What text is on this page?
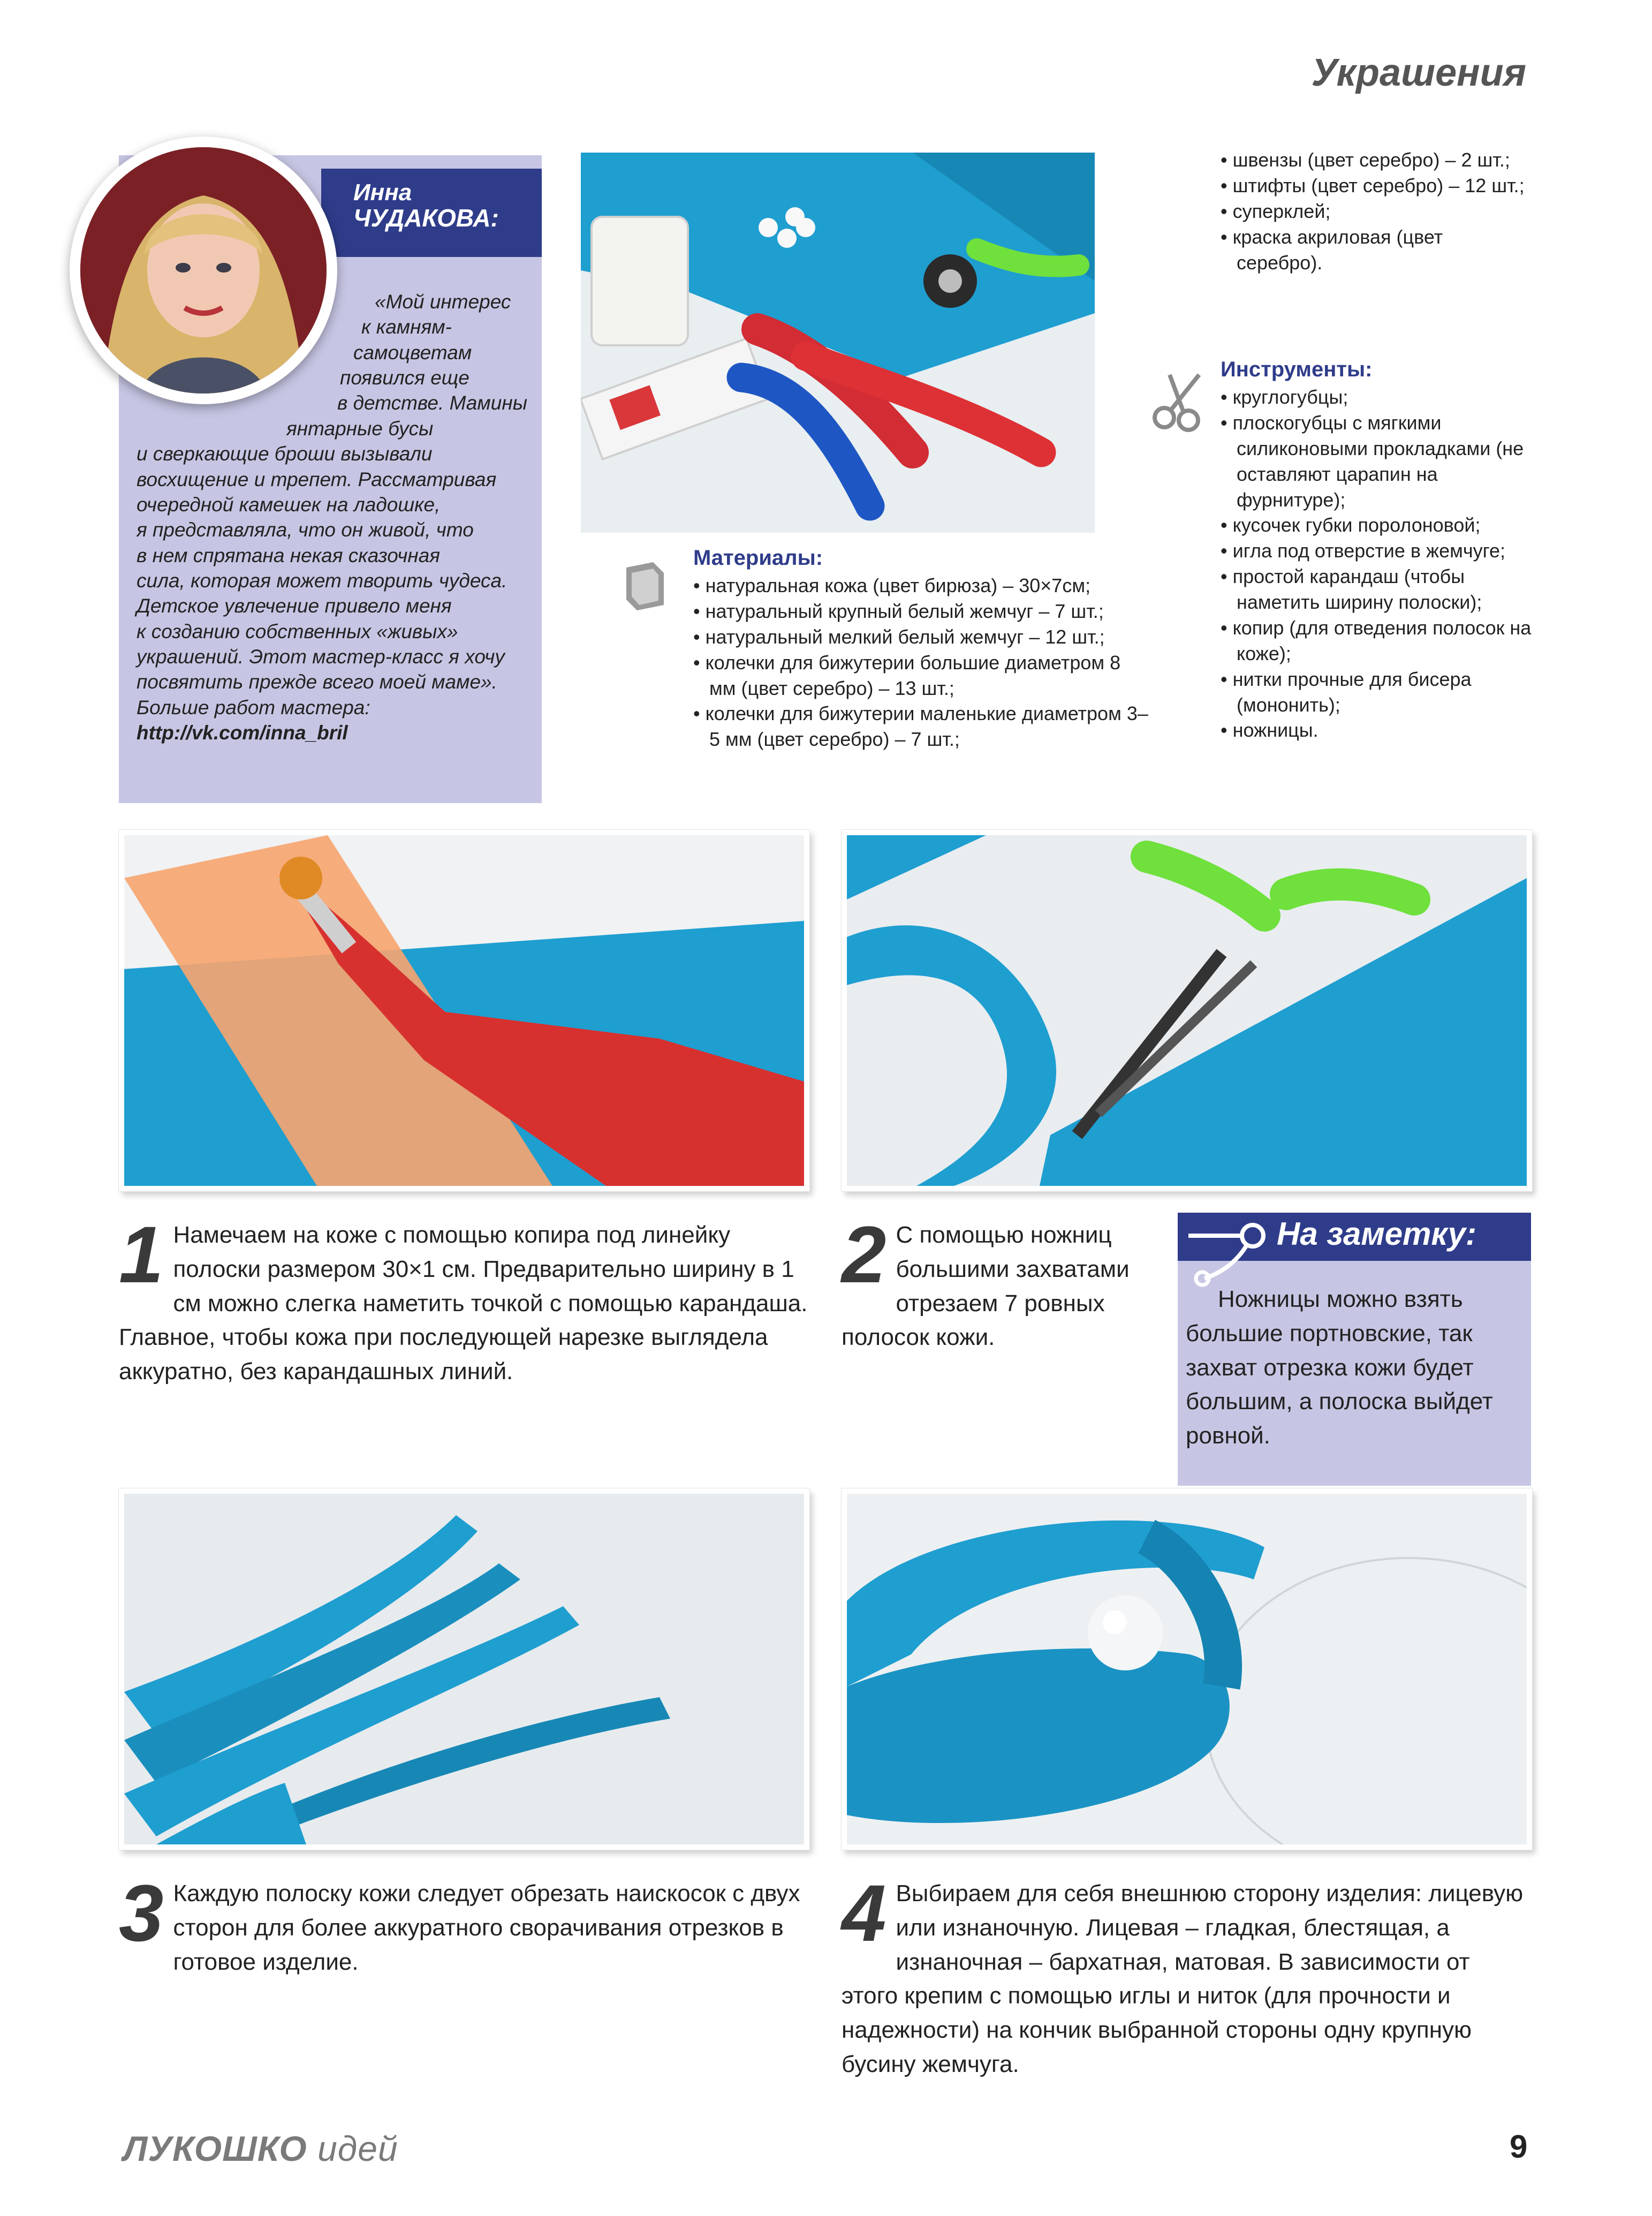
Украшения
Инна
ЧУДАКОВА:
«Мой интерес
к камням-
самоцветам
появился еще
в детстве. Мамины
янтарные бусы
и сверкающие броши вызывали
восхищение и трепет. Рассматривая
очередной камешек на ладошке,
я представляла, что он живой, что
в нем спрятана некая сказочная
сила, которая может творить чудеса.
Детское увлечение привело меня
к созданию собственных «живых»
украшений. Этот мастер-класс я хочу
посвятить прежде всего моей маме».
Больше работ мастера:
http://vk.com/inna_bril
Материалы:
• натуральная кожа (цвет бирюза) – 30×7см;
• натуральный крупный белый жемчуг – 7 шт.;
• натуральный мелкий белый жемчуг – 12 шт.;
• колечки для бижутерии большие диаметром 8 мм (цвет серебро) – 13 шт.;
• колечки для бижутерии маленькие диаметром 3–5 мм (цвет серебро) – 7 шт.;
• швензы (цвет серебро) – 2 шт.;
• штифты (цвет серебро) – 12 шт.;
• суперклей;
• краска акриловая (цвет серебро).
Инструменты:
• круглогубцы;
• плоскогубцы с мягкими силиконовыми прокладками (не оставляют царапин на фурнитуре);
• кусочек губки поролоновой;
• игла под отверстие в жемчуге;
• простой карандаш (чтобы наметить ширину полоски);
• копир (для отведения полосок на коже);
• нитки прочные для бисера (мононить);
• ножницы.
1 Намечаем на коже с помощью копира под линейку полоски размером 30×1 см. Предварительно ширину в 1 см можно слегка наметить точкой с помощью карандаша. Главное, чтобы кожа при последующей нарезке выглядела аккуратно, без карандашных линий.
2 С помощью ножниц большими захватами отрезаем 7 ровных полосок кожи.
На заметку:
Ножницы можно взять большие портновские, так захват отрезка кожи будет большим, а полоска выйдет ровной.
3 Каждую полоску кожи следует обрезать наискосок с двух сторон для более аккуратного сворачивания отрезков в готовое изделие.
4 Выбираем для себя внешнюю сторону изделия: лицевую или изнаночную. Лицевая – гладкая, блестящая, а изнаночная – бархатная, матовая. В зависимости от этого крепим с помощью иглы и ниток (для прочности и надежности) на кончик выбранной стороны одну крупную бусину жемчуга.
ЛУКОШКО идей	9
